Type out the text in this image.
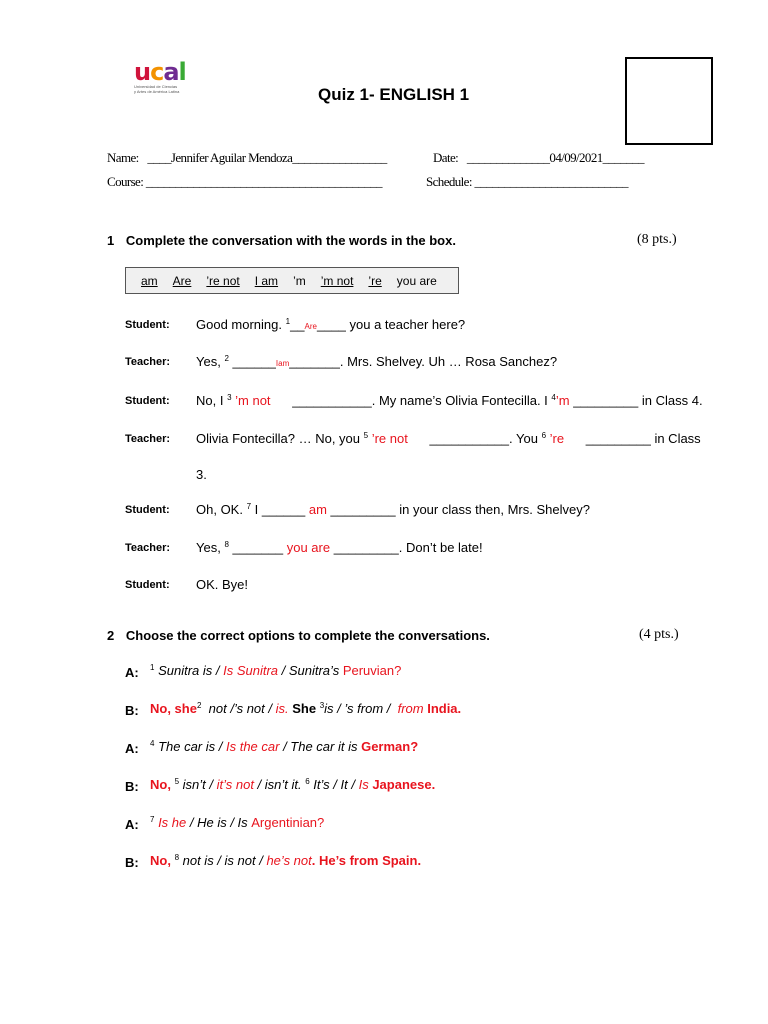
ucal
Universidad de Ciencias
y Artes de América Latina	Quiz 1- ENGLISH 1
Name: ____Jennifer Aguilar Mendoza________________	Date: ______________04/09/2021_______
Course: ________________________________________	Schedule: __________________________
1 Complete the conversation with the words in the box.	(8 pts.)
am Are ’re not I am ’m ’m not ’re you are
Student: Good morning. $^1$__Are____ you a teacher here?
Teacher: Yes, $^2$ ______Iam_______. Mrs. Shelvey. Uh … Rosa Sanchez?
Student: No, I $^3$ ’m not      ___________. My name’s Olivia Fontecilla. I $^4$’m _________ in Class 4.
Teacher: Olivia Fontecilla? … No, you $^5$ ’re not      ___________. You $^6$ ’re      _________ in Class
3.
Student: Oh, OK. $^7$ I ______ am _________ in your class then, Mrs. Shelvey?
Teacher: Yes, $^8$ _______ you are _________. Don’t be late!
Student: OK. Bye!
2 Choose the correct options to complete the conversations.	(4 pts.)
A: $^1$ Sunitra is / Is Sunitra / Sunitra’s Peruvian?
B: No, she$^2$  not /’s not / is. She $^3$is / ’s from /  from India.
A: $^4$ The car is / Is the car / The car it is German?
B: No, $^5$ isn’t / it’s not / isn’t it. $^6$ It’s / It / Is Japanese.
A: $^7$ Is he / He is / Is Argentinian?
B: No, $^8$ not is / is not / he’s not. He’s from Spain.
